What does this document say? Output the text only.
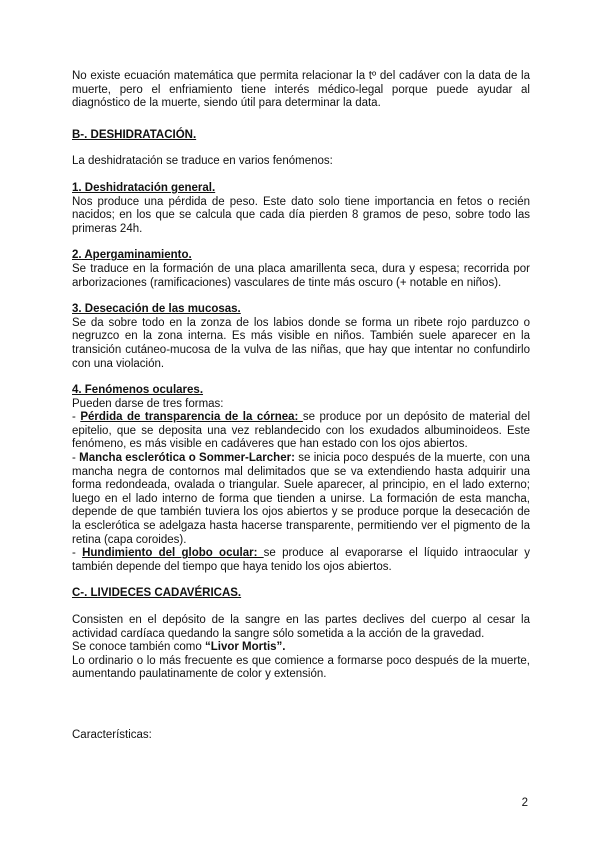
No existe ecuación matemática que permita relacionar la tº del cadáver con la data de la muerte, pero el enfriamiento tiene interés médico-legal porque puede ayudar al diagnóstico de la muerte, siendo útil para determinar la data.

B-. DESHIDRATACIÓN.

La deshidratación se traduce en varios fenómenos:

1. Deshidratación general.

Nos produce una pérdida de peso. Este dato solo tiene importancia en fetos o recién nacidos; en los que se calcula que cada día pierden 8 gramos de peso, sobre todo las primeras 24h.

2. Apergaminamiento.

Se traduce en la formación de una placa amarillenta seca, dura y espesa; recorrida por arborizaciones (ramificaciones) vasculares de tinte más oscuro (+ notable en niños).

3. Desecación de las mucosas.

Se da sobre todo en la zonza de los labios donde se forma un ribete rojo parduzco o negruzco en la zona interna. Es más visible en niños. También suele aparecer en la transición cutáneo-mucosa de la vulva de las niñas, que hay que intentar no confundirlo con una violación.

4. Fenómenos oculares.

Pueden darse de tres formas:

- Pérdida de transparencia de la córnea: se produce por un depósito de material del epitelio, que se deposita una vez reblandecido con los exudados albuminoideos. Este fenómeno, es más visible en cadáveres que han estado con los ojos abiertos.

- Mancha esclerótica o Sommer-Larcher: se inicia poco después de la muerte, con una mancha negra de contornos mal delimitados que se va extendiendo hasta adquirir una forma redondeada, ovalada o triangular. Suele aparecer, al principio, en el lado externo; luego en el lado interno de forma que tienden a unirse. La formación de esta mancha, depende de que también tuviera los ojos abiertos y se produce porque la desecación de la esclerótica se adelgaza hasta hacerse transparente, permitiendo ver el pigmento de la retina (capa coroides).

- Hundimiento del globo ocular: se produce al evaporarse el líquido intraocular y también depende del tiempo que haya tenido los ojos abiertos.

C-. LIVIDECES CADAVÉRICAS.

Consisten en el depósito de la sangre en las partes declives del cuerpo al cesar la actividad cardíaca quedando la sangre sólo sometida a la acción de la gravedad.

Se conoce también como “Livor Mortis”.

Lo ordinario o lo más frecuente es que comience a formarse poco después de la muerte, aumentando paulatinamente de color y extensión.

Características:

2
